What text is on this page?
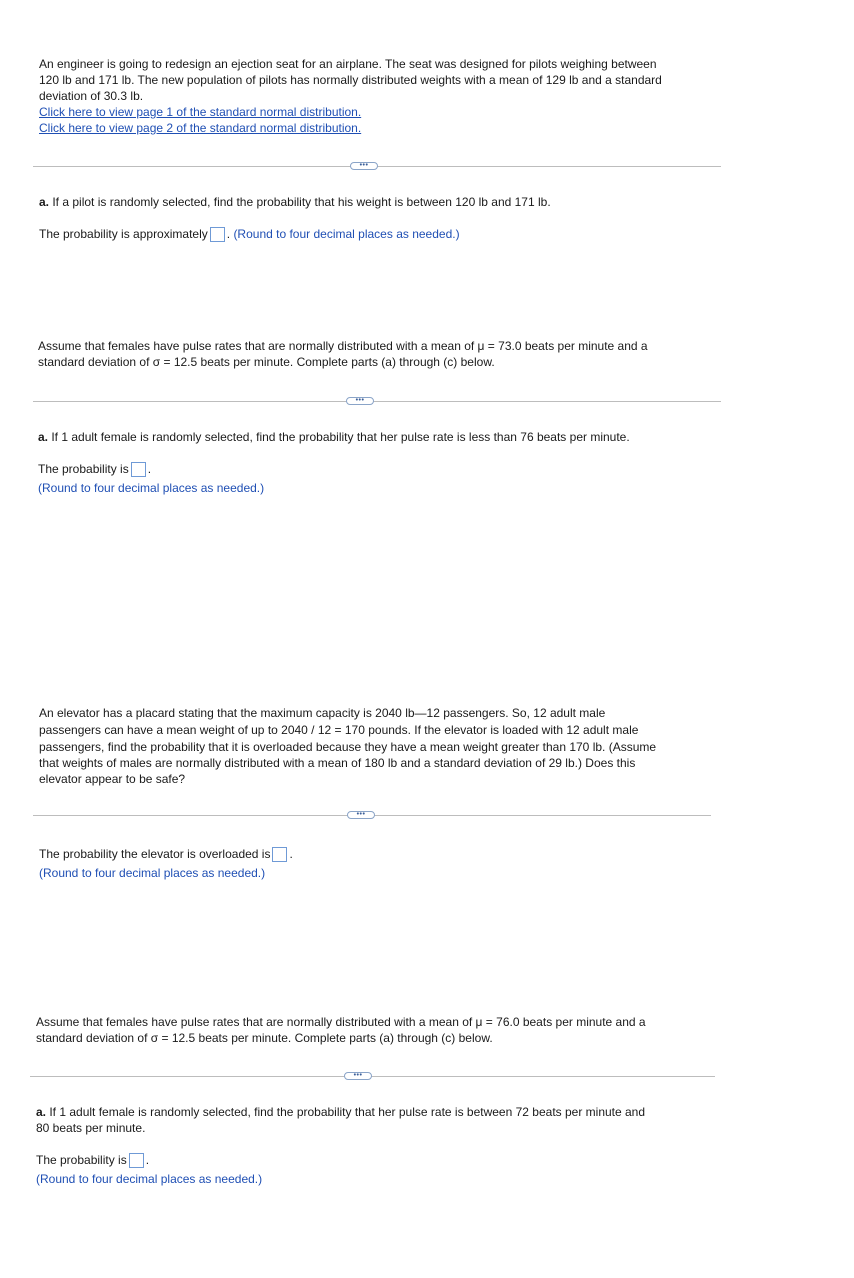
An engineer is going to redesign an ejection seat for an airplane. The seat was designed for pilots weighing between
120 lb and 171 lb. The new population of pilots has normally distributed weights with a mean of 129 lb and a standard
deviation of 30.3 lb.
Click here to view page 1 of the standard normal distribution.
Click here to view page 2 of the standard normal distribution.
•••
a. If a pilot is randomly selected, find the probability that his weight is between 120 lb and 171 lb.
The probability is approximately . (Round to four decimal places as needed.)
Assume that females have pulse rates that are normally distributed with a mean of μ = 73.0 beats per minute and a
standard deviation of σ = 12.5 beats per minute. Complete parts (a) through (c) below.
•••
a. If 1 adult female is randomly selected, find the probability that her pulse rate is less than 76 beats per minute.
The probability is .
(Round to four decimal places as needed.)
An elevator has a placard stating that the maximum capacity is 2040 lb—12 passengers. So, 12 adult male
passengers can have a mean weight of up to 2040 / 12 = 170 pounds. If the elevator is loaded with 12 adult male
passengers, find the probability that it is overloaded because they have a mean weight greater than 170 lb. (Assume
that weights of males are normally distributed with a mean of 180 lb and a standard deviation of 29 lb.) Does this
elevator appear to be safe?
•••
The probability the elevator is overloaded is .
(Round to four decimal places as needed.)
Assume that females have pulse rates that are normally distributed with a mean of μ = 76.0 beats per minute and a
standard deviation of σ = 12.5 beats per minute. Complete parts (a) through (c) below.
•••
a. If 1 adult female is randomly selected, find the probability that her pulse rate is between 72 beats per minute and
80 beats per minute.
The probability is .
(Round to four decimal places as needed.)
